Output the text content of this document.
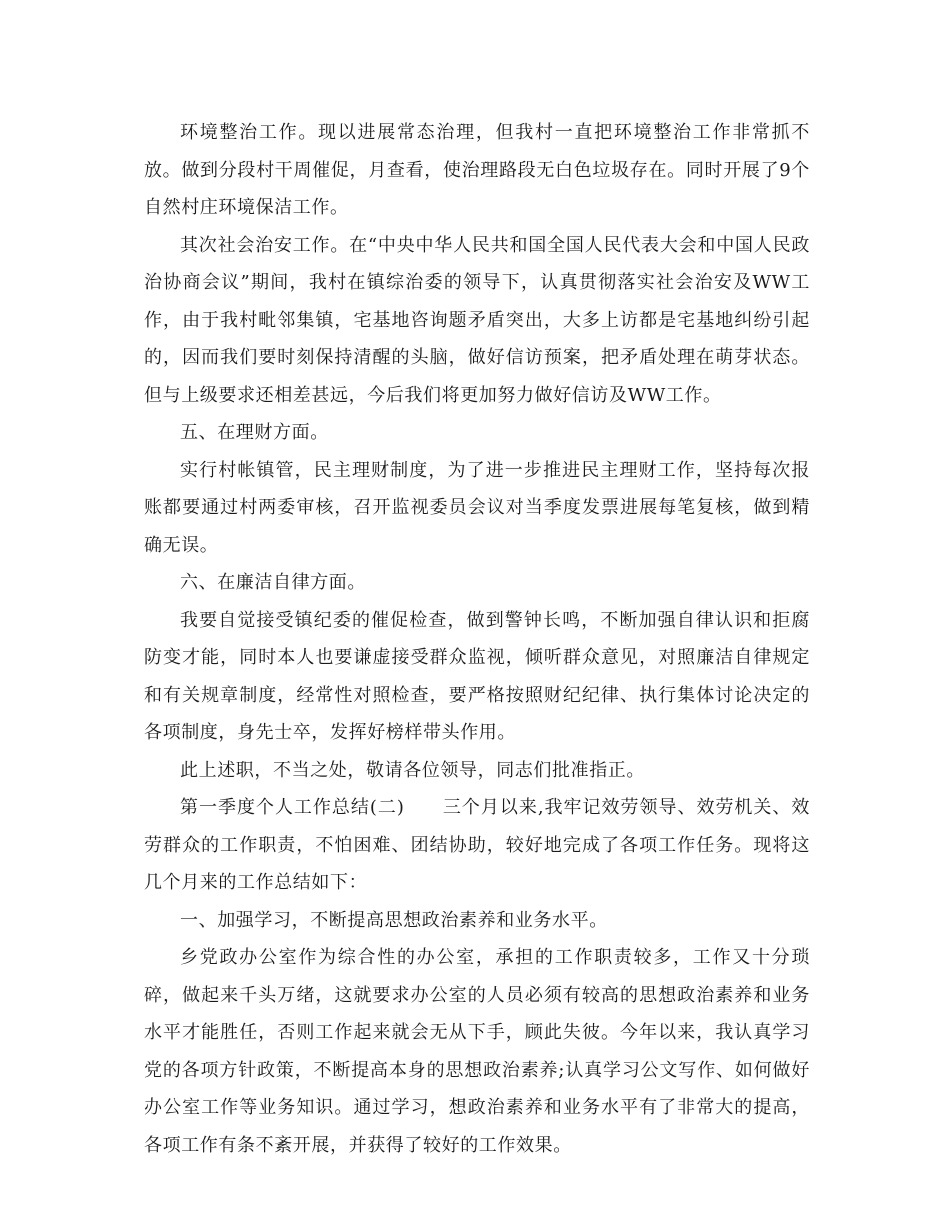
环境整治工作。现以进展常态治理，但我村一直把环境整治工作非常抓不放。做到分段村干周催促，月查看，使治理路段无白色垃圾存在。同时开展了9个自然村庄环境保洁工作。

其次社会治安工作。在“中央中华人民共和国全国人民代表大会和中国人民政治协商会议”期间，我村在镇综治委的领导下，认真贯彻落实社会治安及WW工作，由于我村毗邻集镇，宅基地咨询题矛盾突出，大多上访都是宅基地纠纷引起的，因而我们要时刻保持清醒的头脑，做好信访预案，把矛盾处理在萌芽状态。但与上级要求还相差甚远，今后我们将更加努力做好信访及WW工作。

五、在理财方面。

实行村帐镇管，民主理财制度，为了进一步推进民主理财工作，坚持每次报账都要通过村两委审核，召开监视委员会议对当季度发票进展每笔复核，做到精确无误。

六、在廉洁自律方面。

我要自觉接受镇纪委的催促检查，做到警钟长鸣，不断加强自律认识和拒腐防变才能，同时本人也要谦虚接受群众监视，倾听群众意见，对照廉洁自律规定和有关规章制度，经常性对照检查，要严格按照财纪纪律、执行集体讨论决定的各项制度，身先士卒，发挥好榜样带头作用。

此上述职，不当之处，敬请各位领导，同志们批准指正。

第一季度个人工作总结(二)　　三个月以来,我牢记效劳领导、效劳机关、效劳群众的工作职责，不怕困难、团结协助，较好地完成了各项工作任务。现将这几个月来的工作总结如下：

一、加强学习，不断提高思想政治素养和业务水平。

乡党政办公室作为综合性的办公室，承担的工作职责较多，工作又十分琐碎，做起来千头万绪，这就要求办公室的人员必须有较高的思想政治素养和业务水平才能胜任，否则工作起来就会无从下手，顾此失彼。今年以来，我认真学习党的各项方针政策，不断提高本身的思想政治素养;认真学习公文写作、如何做好办公室工作等业务知识。通过学习，想政治素养和业务水平有了非常大的提高，各项工作有条不紊开展，并获得了较好的工作效果。
